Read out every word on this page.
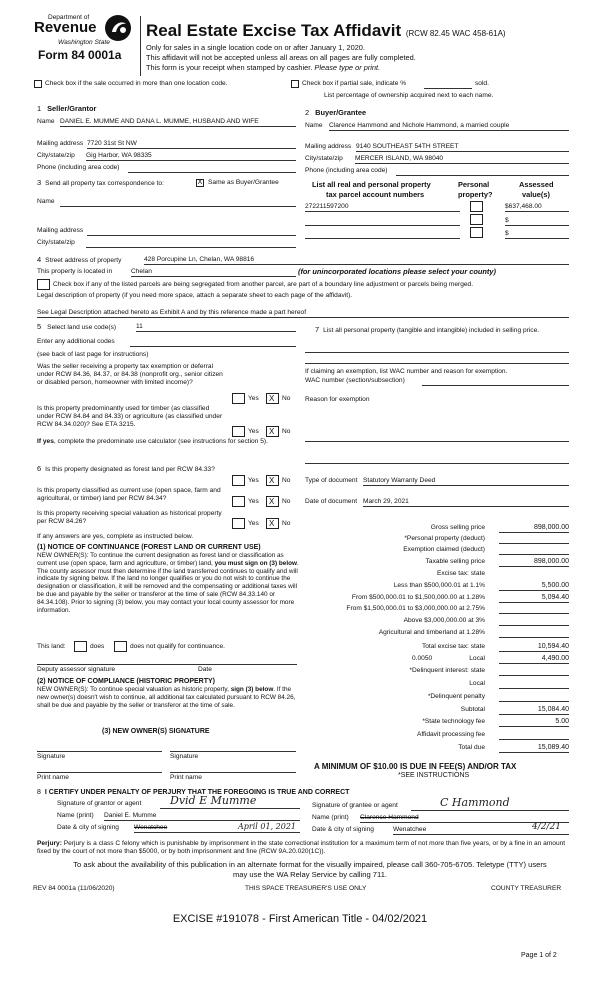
Department of
Revenue
Washington State
Form 84 0001a
Real Estate Excise Tax Affidavit (RCW 82.45 WAC 458-61A)
Only for sales in a single location code on or after January 1, 2020.
This affidavit will not be accepted unless all areas on all pages are fully completed.
This form is your receipt when stamped by cashier. Please type or print.
Check box if the sale occurred in more than one location code.	Check box if partial sale, indicate %	sold.
List percentage of ownership acquired next to each name.
1 Seller/Grantor
Name DANIEL E. MUMME AND DANA L. MUMME, HUSBAND AND WIFE
Mailing address 7720 31st St NW
City/state/zip Gig Harbor, WA 98335
Phone (including area code)
2 Buyer/Grantee
Name Clarence Hammond and Nichole Hammond, a married couple
Mailing address 9140 SOUTHEAST 54TH STREET
City/state/zip MERCER ISLAND, WA 98040
Phone (including area code)
3 Send all property tax correspondence to:	X Same as Buyer/Grantee
Name
Mailing address
City/state/zip
List all real and personal property
tax parcel account numbers
Personal
property?
Assessed
value(s)
272211597200	$637,468.00
$
$
4 Street address of property	428 Porcupine Ln, Chelan, WA 98816
This property is located in	Chelan	(for unincorporated locations please select your county)
Check box if any of the listed parcels are being segregated from another parcel, are part of a boundary line adjustment or parcels being merged.
Legal description of property (if you need more space, attach a separate sheet to each page of the affidavit).
See Legal Description attached hereto as Exhibit A and by this reference made a part hereof
5 Select land use code(s)	11
Enter any additional codes
(see back of last page for instructions)
Was the seller receiving a property tax exemption or deferral under RCW 84.36, 84.37, or 84.38 (nonprofit org., senior citizen or disabled person, homeowner with limited income)?
Yes X No
Is this property predominantly used for timber (as classified under RCW 84.84 and 84.33) or agriculture (as classified under RCW 84.34.020)? See ETA 3215.
Yes X No
If yes, complete the predominate use calculator (see instructions for section 5).
6 Is this property designated as forest land per RCW 84.33?
Yes X No
Is this property classified as current use (open space, farm and agricultural, or timber) land per RCW 84.34?	Yes X No
Is this property receiving special valuation as historical property per RCW 84.26?	Yes X No
If any answers are yes, complete as instructed below.
(1) NOTICE OF CONTINUANCE (FOREST LAND OR CURRENT USE)
NEW OWNER(S): To continue the current designation as forest land or classification as current use (open space, farm and agriculture, or timber) land, you must sign on (3) below. The county assessor must then determine if the land transferred continues to qualify and will indicate by signing below. If the land no longer qualifies or you do not wish to continue the designation or classification, it will be removed and the compensating or additional taxes will be due and payable by the seller or transferor at the time of sale (RCW 84.33.140 or 84.34.108). Prior to signing (3) below, you may contact your local county assessor for more information.
This land:	does	does not qualify for continuance.
Deputy assessor signature	Date
(2) NOTICE OF COMPLIANCE (HISTORIC PROPERTY)
NEW OWNER(S): To continue special valuation as historic property, sign (3) below. If the new owner(s) doesn't wish to continue, all additional tax calculated pursuant to RCW 84.26, shall be due and payable by the seller or transferor at the time of sale.
(3) NEW OWNER(S) SIGNATURE
Signature	Signature
Print name	Print name
7 List all personal property (tangible and intangible) included in selling price.
If claiming an exemption, list WAC number and reason for exemption.
WAC number (section/subsection)
Reason for exemption
Type of document Statutory Warranty Deed
Date of document March 29, 2021
Gross selling price	898,000.00
*Personal property (deduct)
Exemption claimed (deduct)
Taxable selling price	898,000.00
Excise tax: state
Less than $500,000.01 at 1.1%	5,500.00
From $500,000.01 to $1,500,000.00 at 1.28%	5,094.40
From $1,500,000.01 to $3,000,000.00 at 2.75%
Above $3,000,000.00 at 3%
Agricultural and timberland at 1.28%
Total excise tax: state	10,594.40
0.0050	Local	4,490.00
*Delinquent interest: state
Local
*Delinquent penalty
Subtotal	15,084.40
*State technology fee	5.00
Affidavit processing fee
Total due	15,089.40
A MINIMUM OF $10.00 IS DUE IN FEE(S) AND/OR TAX
*SEE INSTRUCTIONS
8 I CERTIFY UNDER PENALTY OF PERJURY THAT THE FOREGOING IS TRUE AND CORRECT
Signature of grantor or agent	Dvid E Mumme
Name (print) Daniel E. Mumme
Date & city of signing Wenatchee	April 01, 2021
Signature of grantee or agent	C Hammond
Name (print) Clarence Hammond
Date & city of signing	Wenatchee	4/2/21
Perjury: Perjury is a class C felony which is punishable by imprisonment in the state correctional institution for a maximum term of not more than five years, or by a fine in an amount fixed by the court of not more than $5000, or by both imprisonment and fine (RCW 9A.20.020(1C)).
To ask about the availability of this publication in an alternate format for the visually impaired, please call 360-705-6705. Teletype (TTY) users may use the WA Relay Service by calling 711.
REV 84 0001a (11/06/2020)	THIS SPACE TREASURER'S USE ONLY	COUNTY TREASURER
EXCISE #191078 - First American Title - 04/02/2021
Page 1 of 2
